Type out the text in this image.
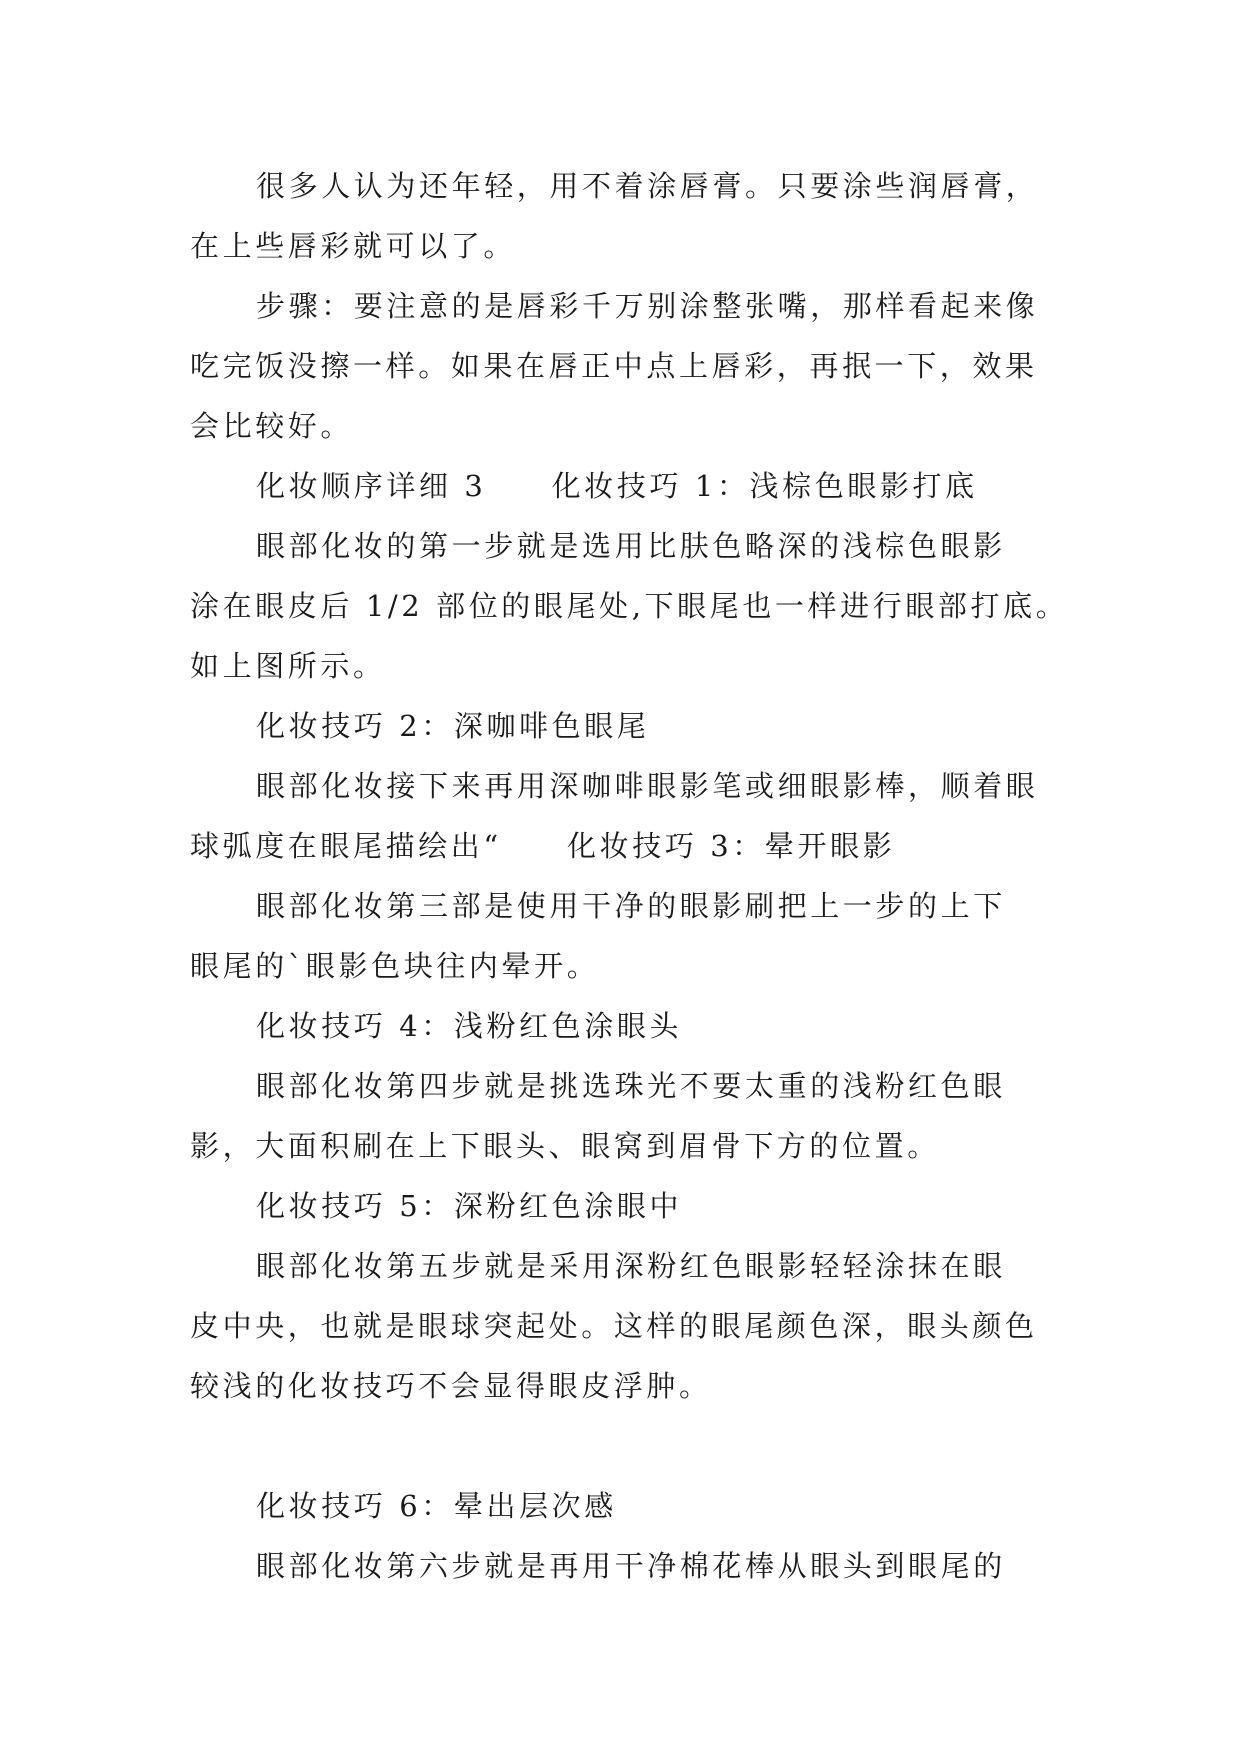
很多人认为还年轻，用不着涂唇膏。只要涂些润唇膏，

在上些唇彩就可以了。

步骤：要注意的是唇彩千万别涂整张嘴，那样看起来像

吃完饭没擦一样。如果在唇正中点上唇彩，再抿一下，效果

会比较好。

化妆顺序详细 3　　化妆技巧 1：浅棕色眼影打底

眼部化妆的第一步就是选用比肤色略深的浅棕色眼影

涂在眼皮后 1/2 部位的眼尾处,下眼尾也一样进行眼部打底。

如上图所示。

化妆技巧 2：深咖啡色眼尾

眼部化妆接下来再用深咖啡眼影笔或细眼影棒，顺着眼

球弧度在眼尾描绘出“　　化妆技巧 3：晕开眼影

眼部化妆第三部是使用干净的眼影刷把上一步的上下

眼尾的`眼影色块往内晕开。

化妆技巧 4：浅粉红色涂眼头

眼部化妆第四步就是挑选珠光不要太重的浅粉红色眼

影，大面积刷在上下眼头、眼窝到眉骨下方的位置。

化妆技巧 5：深粉红色涂眼中

眼部化妆第五步就是采用深粉红色眼影轻轻涂抹在眼

皮中央，也就是眼球突起处。这样的眼尾颜色深，眼头颜色

较浅的化妆技巧不会显得眼皮浮肿。

化妆技巧 6：晕出层次感

眼部化妆第六步就是再用干净棉花棒从眼头到眼尾的
